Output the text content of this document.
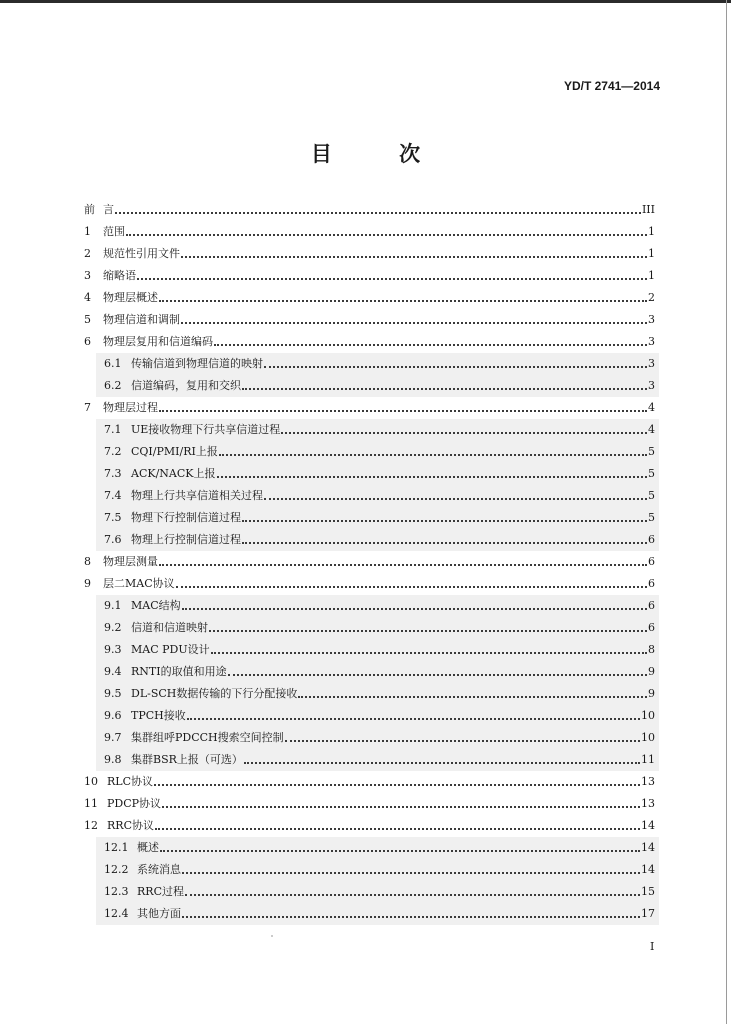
YD/T 2741—2014
目 次
前 言	III
1	范围	1
2	规范性引用文件	1
3	缩略语	1
4	物理层概述	2
5	物理信道和调制	3
6	物理层复用和信道编码	3
6.1 传输信道到物理信道的映射	3
6.2 信道编码，复用和交织	3
7	物理层过程	4
7.1 UE接收物理下行共享信道过程	4
7.2 CQI/PMI/RI上报	5
7.3 ACK/NACK上报	5
7.4 物理上行共享信道相关过程	5
7.5 物理下行控制信道过程	5
7.6 物理上行控制信道过程	6
8	物理层测量	6
9	层二MAC协议	6
9.1 MAC结构	6
9.2 信道和信道映射	6
9.3 MAC PDU设计	8
9.4 RNTI的取值和用途	9
9.5 DL-SCH数据传输的下行分配接收	9
9.6 TPCH接收	10
9.7 集群组呼PDCCH搜索空间控制	10
9.8 集群BSR上报（可选）	11
10 RLC协议	13
11 PDCP协议	13
12 RRC协议	14
12.1 概述	14
12.2 系统消息	14
12.3 RRC过程	15
12.4 其他方面	17
I
